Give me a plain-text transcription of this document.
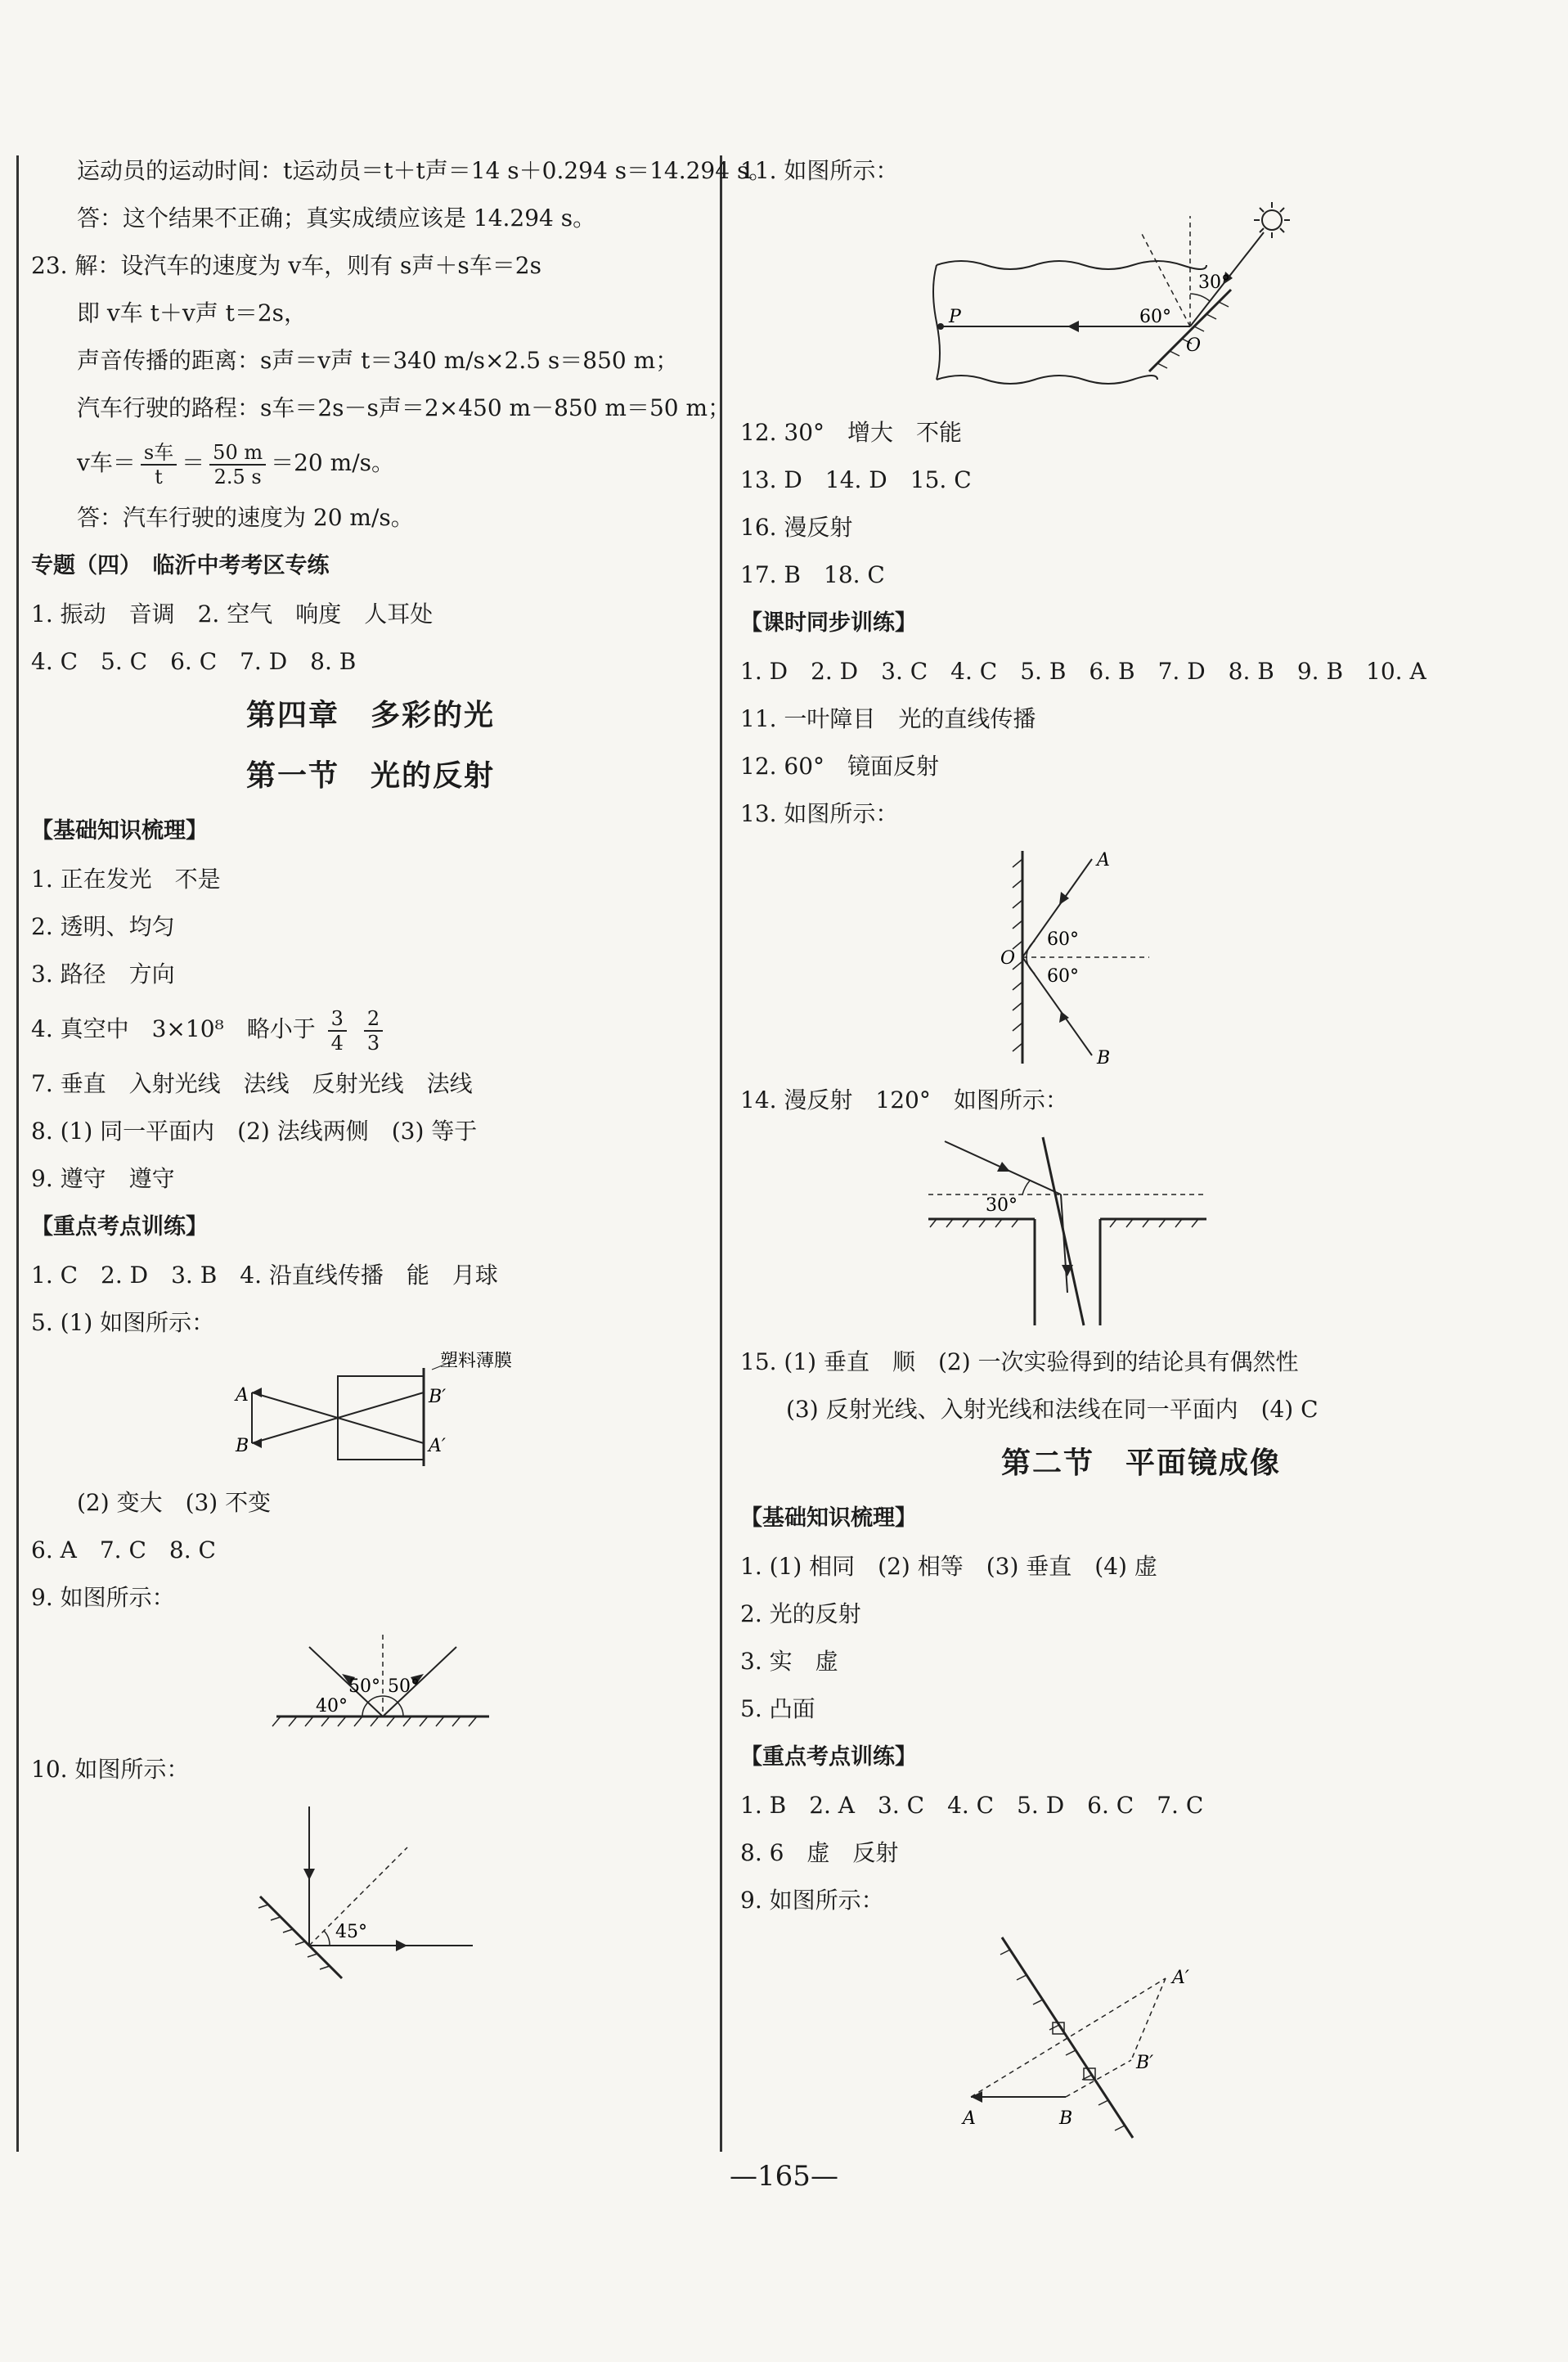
运动员的运动时间：t运动员＝t＋t声＝14 s＋0.294 s＝14.294 s。
答：这个结果不正确；真实成绩应该是 14.294 s。
23. 解：设汽车的速度为 v车，则有 s声＋s车＝2s
即 v车 t＋v声 t＝2s，
声音传播的距离：s声＝v声 t＝340 m/s×2.5 s＝850 m；
汽车行驶的路程：s车＝2s－s声＝2×450 m－850 m＝50 m；
v车＝ $\frac{\text{s车}}{t} = \frac{50 m}{2.5 s} =20$ m/s。
答：汽车行驶的速度为 20 m/s。
专题（四）　临沂中考考区专练
1. 振动　音调　2. 空气　响度　人耳处
4. C　5. C　6. C　7. D　8. B
第四章　多彩的光
第一节　光的反射
【基础知识梳理】
1. 正在发光　不是
2. 透明、均匀
3. 路径　方向
4. 真空中　3×10⁸　略小于 $\frac{3}{4}$
$\frac{2}{3}$
7. 垂直　入射光线　法线　反射光线　法线
8. (1) 同一平面内　(2) 法线两侧　(3) 等于
9. 遵守　遵守
【重点考点训练】
1. C　2. D　3. B　4. 沿直线传播　能　月球
5. (1) 如图所示：
A
B
B′
A′
塑料薄膜
(2) 变大　(3) 不变
6. A　7. C　8. C
9. 如图所示：
50° 50°
40°
10. 如图所示：
45°
11. 如图所示：
30°
60°
P
O
12. 30°　增大　不能
13. D　14. D　15. C
16. 漫反射
17. B　18. C
【课时同步训练】
1. D　2. D　3. C　4. C　5. B　6. B　7. D　8. B　9. B　10. A
11. 一叶障目　光的直线传播
12. 60°　镜面反射
13. 如图所示：
60°
60°
A
B
O
14. 漫反射　120°　如图所示：
30°
15. (1) 垂直　顺　(2) 一次实验得到的结论具有偶然性
(3) 反射光线、入射光线和法线在同一平面内　(4) C
第二节　平面镜成像
【基础知识梳理】
1. (1) 相同　(2) 相等　(3) 垂直　(4) 虚
2. 光的反射
3. 实　虚
5. 凸面
【重点考点训练】
1. B　2. A　3. C　4. C　5. D　6. C　7. C
8. 6　虚　反射
9. 如图所示：
A	B
A′
B′
—165—
